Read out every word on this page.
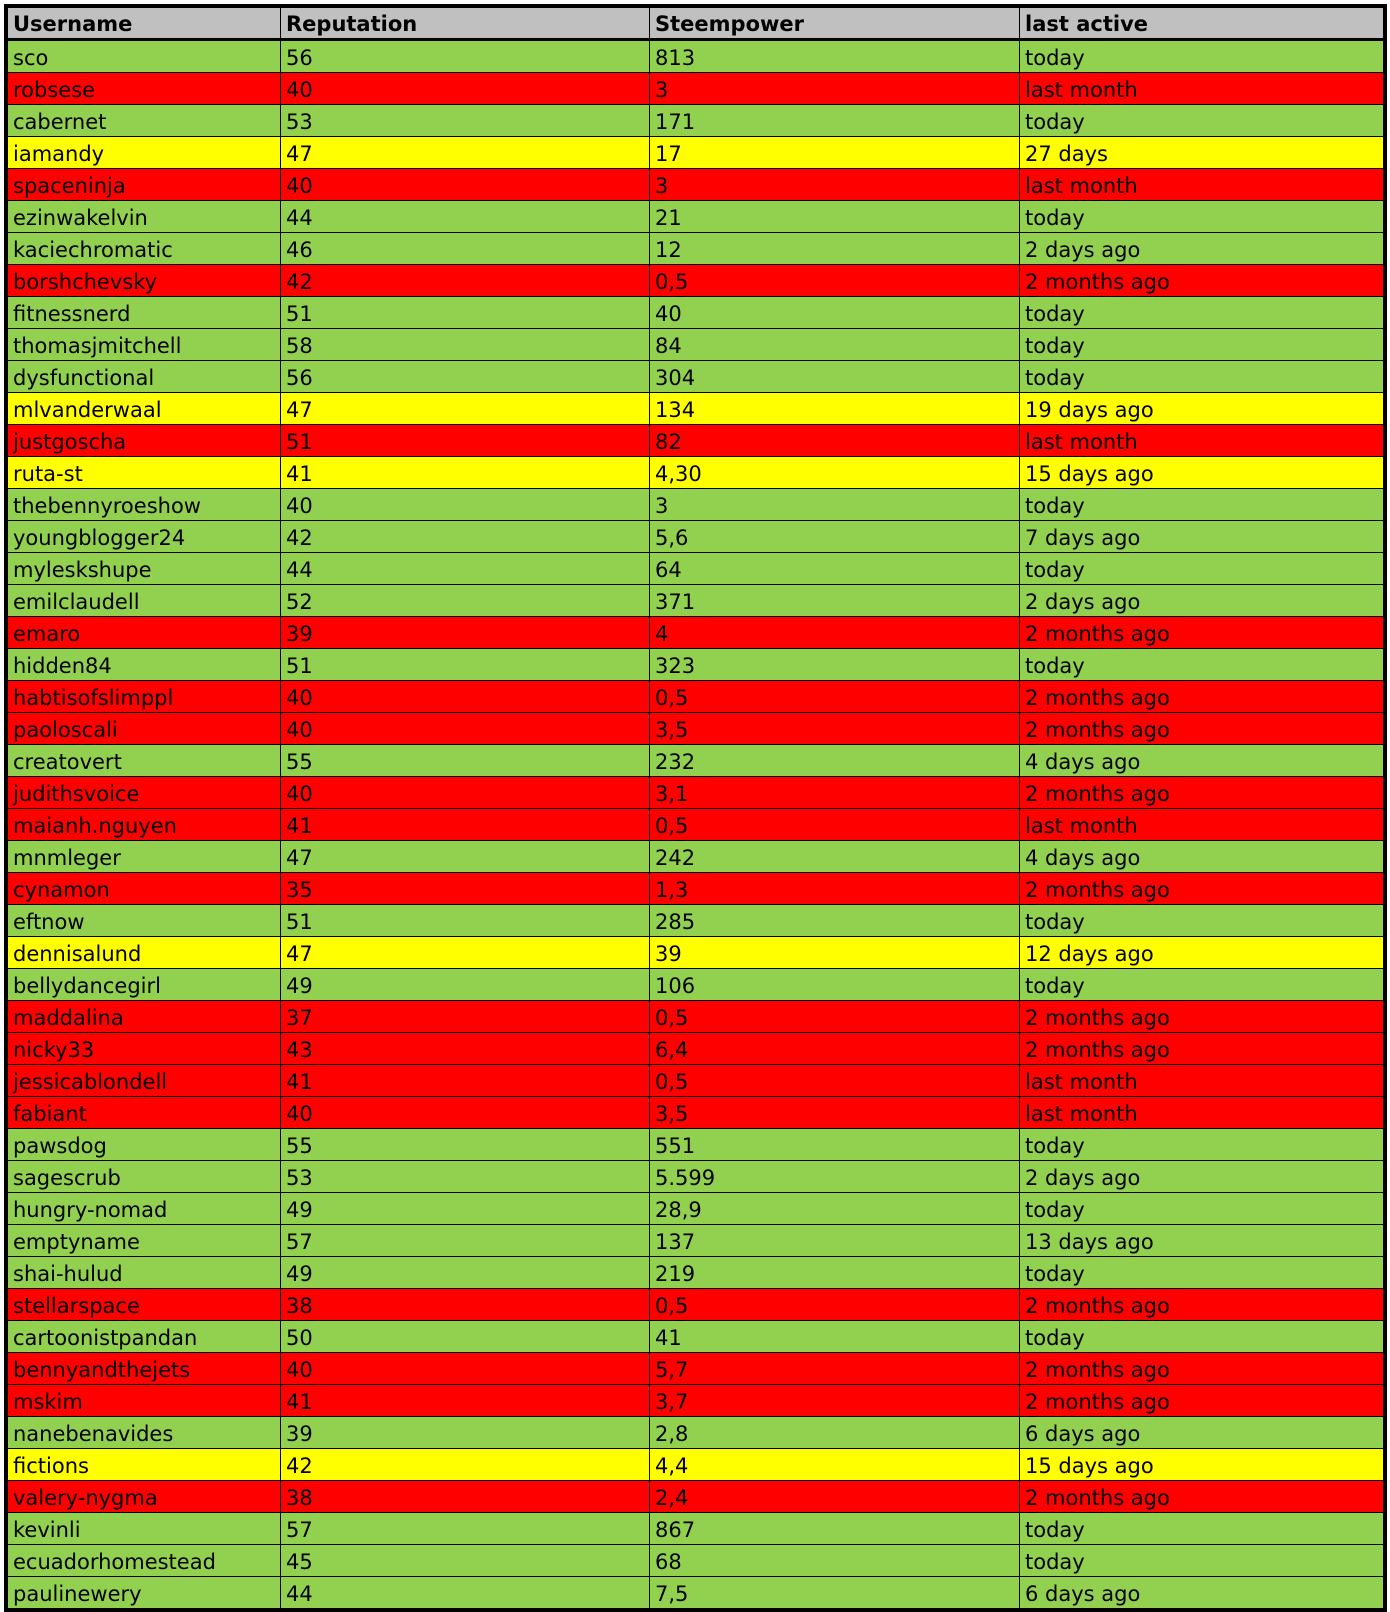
Username	Reputation	Steempower	last active
sco	56	813	today
robsese	40	3	last month
cabernet	53	171	today
iamandy	47	17	27 days
spaceninja	40	3	last month
ezinwakelvin	44	21	today
kaciechromatic	46	12	2 days ago
borshchevsky	42	0,5	2 months ago
fitnessnerd	51	40	today
thomasjmitchell	58	84	today
dysfunctional	56	304	today
mlvanderwaal	47	134	19 days ago
justgoscha	51	82	last month
ruta-st	41	4,30	15 days ago
thebennyroeshow	40	3	today
youngblogger24	42	5,6	7 days ago
myleskshupe	44	64	today
emilclaudell	52	371	2 days ago
emaro	39	4	2 months ago
hidden84	51	323	today
habtisofslimppl	40	0,5	2 months ago
paoloscali	40	3,5	2 months ago
creatovert	55	232	4 days ago
judithsvoice	40	3,1	2 months ago
maianh.nguyen	41	0,5	last month
mnmleger	47	242	4 days ago
cynamon	35	1,3	2 months ago
eftnow	51	285	today
dennisalund	47	39	12 days ago
bellydancegirl	49	106	today
maddalina	37	0,5	2 months ago
nicky33	43	6,4	2 months ago
jessicablondell	41	0,5	last month
fabiant	40	3,5	last month
pawsdog	55	551	today
sagescrub	53	5.599	2 days ago
hungry-nomad	49	28,9	today
emptyname	57	137	13 days ago
shai-hulud	49	219	today
stellarspace	38	0,5	2 months ago
cartoonistpandan	50	41	today
bennyandthejets	40	5,7	2 months ago
mskim	41	3,7	2 months ago
nanebenavides	39	2,8	6 days ago
fictions	42	4,4	15 days ago
valery-nygma	38	2,4	2 months ago
kevinli	57	867	today
ecuadorhomestead	45	68	today
paulinewery	44	7,5	6 days ago
